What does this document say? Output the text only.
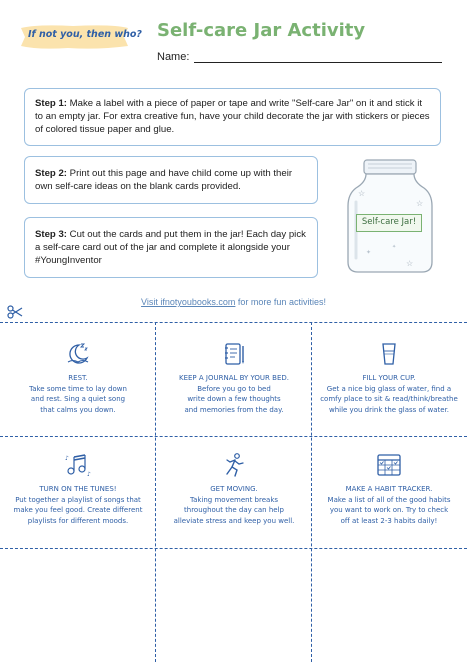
If not you, then who? Self-care Jar Activity
Name:
Step 1: Make a label with a piece of paper or tape and write "Self-care Jar" on it and stick it to an empty jar. For extra creative fun, have your child decorate the jar with stickers or pieces of colored tissue paper and glue.
Step 2: Print out this page and have child come up with their own self-care ideas on the blank cards provided.
Step 3: Cut out the cards and put them in the jar! Each day pick a self-care card out of the jar and complete it alongside your #YoungInventor
☆
☆
☆
✦
✦
Self-care Jar!
Visit ifnotyoubooks.com for more fun activities!
REST.
Take some time to lay down
and rest. Sing a quiet song
that calms you down.
KEEP A JOURNAL BY YOUR BED.
Before you go to bed
write down a few thoughts
and memories from the day.
FILL YOUR CUP.
Get a nice big glass of water, find a
comfy place to sit & read/think/breathe
while you drink the glass of water.
♪
♪
TURN ON THE TUNES!
Put together a playlist of songs that
make you feel good. Create different
playlists for different moods.
GET MOVING.
Taking movement breaks
throughout the day can help
alleviate stress and keep you well.
MAKE A HABIT TRACKER.
Make a list of all of the good habits
you want to work on. Try to check
off at least 2-3 habits daily!
